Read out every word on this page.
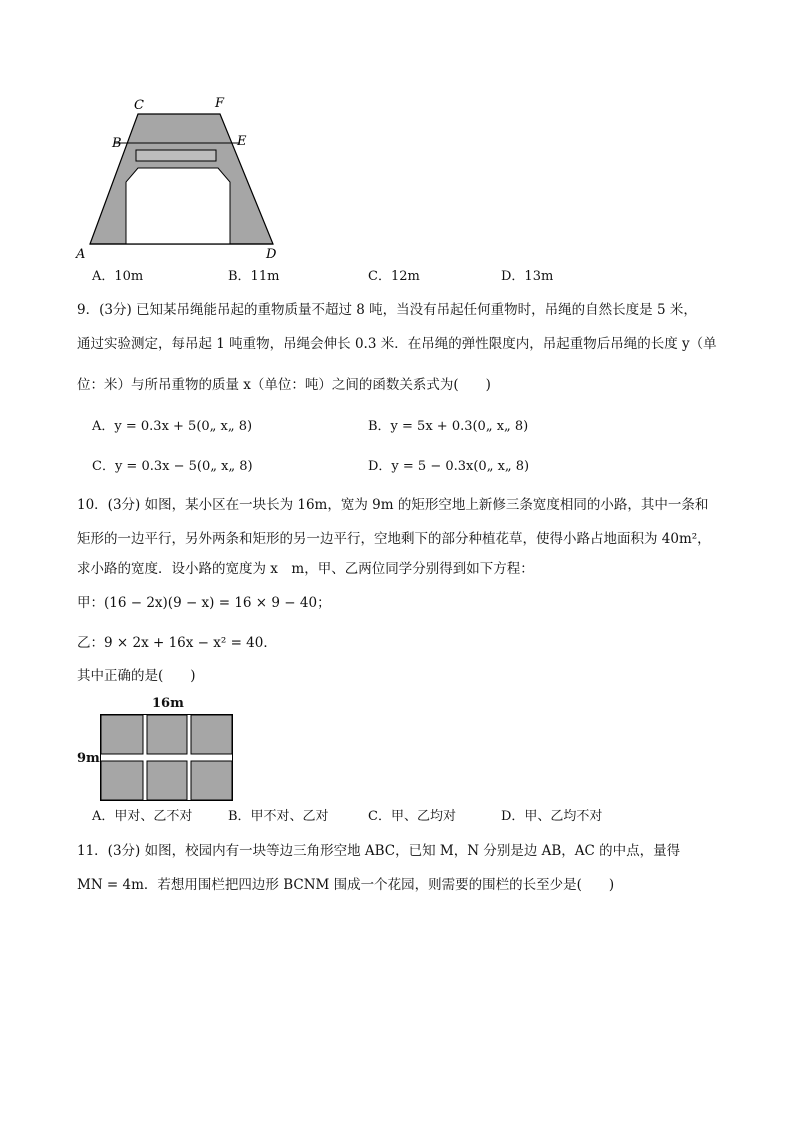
C	F
B	E
A	D
A．10m	B．11m	C．12m	D．13m
9．(3分) 已知某吊绳能吊起的重物质量不超过 8 吨，当没有吊起任何重物时，吊绳的自然长度是 5 米，
通过实验测定，每吊起 1 吨重物，吊绳会伸长 0.3 米．在吊绳的弹性限度内，吊起重物后吊绳的长度 y（单
位：米）与所吊重物的质量 x（单位：吨）之间的函数关系式为(　　)
A．y = 0.3x + 5(0„ x„ 8)	B．y = 5x + 0.3(0„ x„ 8)
C．y = 0.3x − 5(0„ x„ 8)	D．y = 5 − 0.3x(0„ x„ 8)
10．(3分) 如图，某小区在一块长为 16m，宽为 9m 的矩形空地上新修三条宽度相同的小路，其中一条和
矩形的一边平行，另外两条和矩形的另一边平行，空地剩下的部分种植花草，使得小路占地面积为 40m²，
求小路的宽度．设小路的宽度为 x　m，甲、乙两位同学分别得到如下方程：
甲：(16 − 2x)(9 − x) = 16 × 9 − 40；
乙：9 × 2x + 16x − x² = 40．
其中正确的是(　　)
16m
9m
A．甲对、乙不对	B．甲不对、乙对	C．甲、乙均对	D．甲、乙均不对
11．(3分) 如图，校园内有一块等边三角形空地 ABC，已知 M，N 分别是边 AB，AC 的中点，量得
MN = 4m．若想用围栏把四边形 BCNM 围成一个花园，则需要的围栏的长至少是(　　)
